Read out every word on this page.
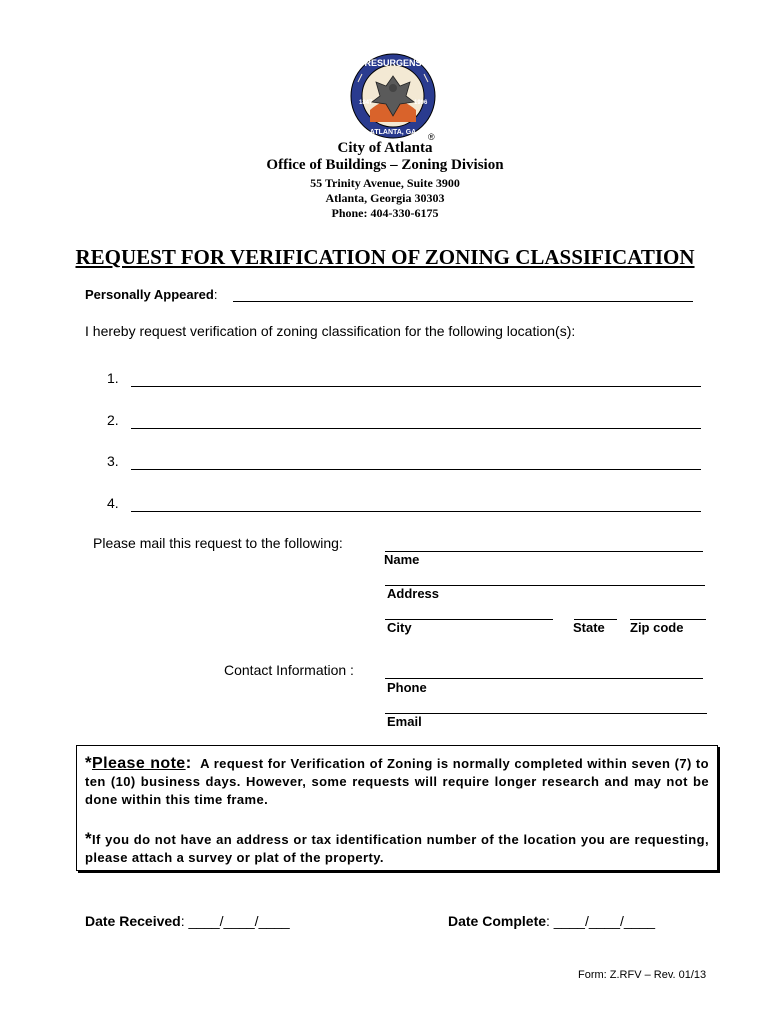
RESURGENS
1847	1996
ATLANTA, GA ®
City of Atlanta
Office of Buildings – Zoning Division
55 Trinity Avenue, Suite 3900
Atlanta, Georgia 30303
Phone: 404-330-6175
REQUEST FOR VERIFICATION OF ZONING CLASSIFICATION
Personally Appeared:
I hereby request verification of zoning classification for the following location(s):
1.
2.
3.
4.
Please mail this request to the following:
Name
Address
City	State Zip code
Contact Information :
Phone
Email
*Please note: A request for Verification of Zoning is normally completed within seven (7) to ten (10) business days. However, some requests will require longer research and may not be done within this time frame.
*If you do not have an address or tax identification number of the location you are requesting, please attach a survey or plat of the property.
Date Received: ____/____/____	Date Complete: ____/____/____
Form: Z.RFV – Rev. 01/13
